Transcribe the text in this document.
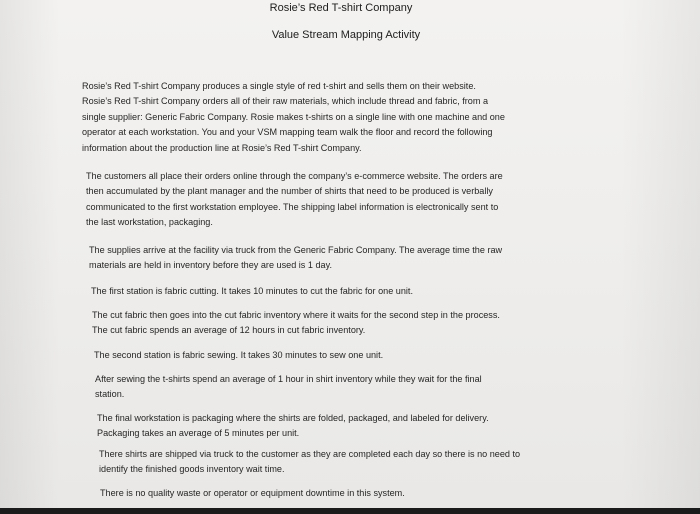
Rosie’s Red T-shirt Company
Value Stream Mapping Activity

Rosie’s Red T-shirt Company produces a single style of red t-shirt and sells them on their website.
Rosie’s Red T-shirt Company orders all of their raw materials, which include thread and fabric, from a
single supplier: Generic Fabric Company. Rosie makes t-shirts on a single line with one machine and one
operator at each workstation. You and your VSM mapping team walk the floor and record the following
information about the production line at Rosie’s Red T-shirt Company.

The customers all place their orders online through the company’s e-commerce website. The orders are
then accumulated by the plant manager and the number of shirts that need to be produced is verbally
communicated to the first workstation employee. The shipping label information is electronically sent to
the last workstation, packaging.

The supplies arrive at the facility via truck from the Generic Fabric Company. The average time the raw
materials are held in inventory before they are used is 1 day.

The first station is fabric cutting. It takes 10 minutes to cut the fabric for one unit.

The cut fabric then goes into the cut fabric inventory where it waits for the second step in the process.
The cut fabric spends an average of 12 hours in cut fabric inventory.

The second station is fabric sewing. It takes 30 minutes to sew one unit.

After sewing the t-shirts spend an average of 1 hour in shirt inventory while they wait for the final
station.

The final workstation is packaging where the shirts are folded, packaged, and labeled for delivery.
Packaging takes an average of 5 minutes per unit.

There shirts are shipped via truck to the customer as they are completed each day so there is no need to
identify the finished goods inventory wait time.

There is no quality waste or operator or equipment downtime in this system.
